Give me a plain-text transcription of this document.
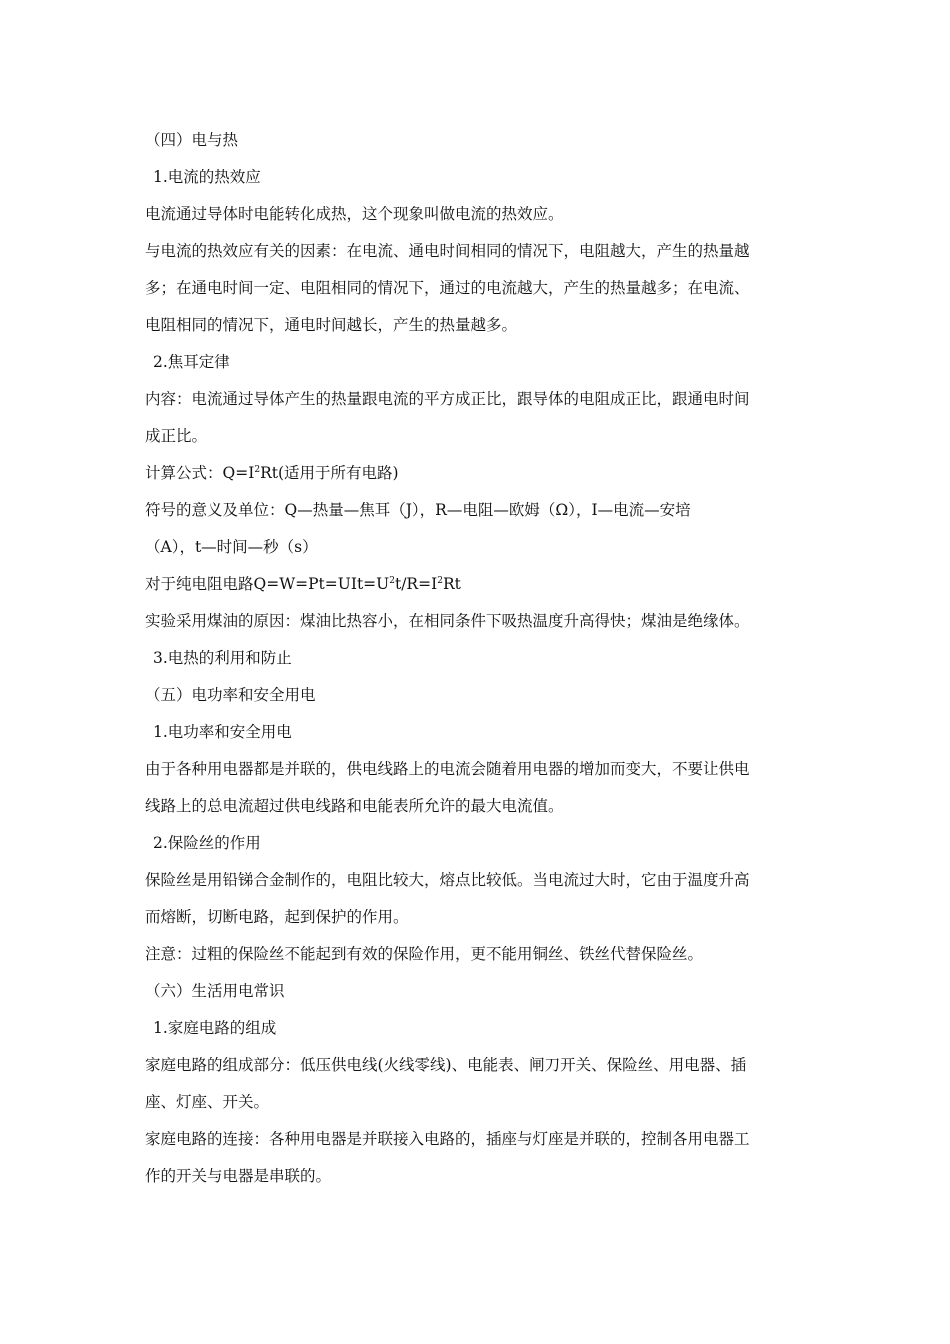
（四）电与热

1.电流的热效应

电流通过导体时电能转化成热，这个现象叫做电流的热效应。

与电流的热效应有关的因素：在电流、通电时间相同的情况下，电阻越大，产生的热量越

多；在通电时间一定、电阻相同的情况下，通过的电流越大，产生的热量越多；在电流、

电阻相同的情况下，通电时间越长，产生的热量越多。

2.焦耳定律

内容：电流通过导体产生的热量跟电流的平方成正比，跟导体的电阻成正比，跟通电时间

成正比。

计算公式：$Q=I^2Rt$(适用于所有电路)

符号的意义及单位：Q—热量—焦耳（J），R—电阻—欧姆（Ω），I—电流—安培

（A），t—时间—秒（s）

对于纯电阻电路$Q=W=Pt=UIt=U^2t/R=I^2Rt$

实验采用煤油的原因：煤油比热容小，在相同条件下吸热温度升高得快；煤油是绝缘体。

3.电热的利用和防止

（五）电功率和安全用电

1.电功率和安全用电

由于各种用电器都是并联的，供电线路上的电流会随着用电器的增加而变大，不要让供电

线路上的总电流超过供电线路和电能表所允许的最大电流值。

2.保险丝的作用

保险丝是用铅锑合金制作的，电阻比较大，熔点比较低。当电流过大时，它由于温度升高

而熔断，切断电路，起到保护的作用。

注意：过粗的保险丝不能起到有效的保险作用，更不能用铜丝、铁丝代替保险丝。

（六）生活用电常识

1.家庭电路的组成

家庭电路的组成部分：低压供电线(火线零线)、电能表、闸刀开关、保险丝、用电器、插

座、灯座、开关。

家庭电路的连接：各种用电器是并联接入电路的，插座与灯座是并联的，控制各用电器工

作的开关与电器是串联的。
